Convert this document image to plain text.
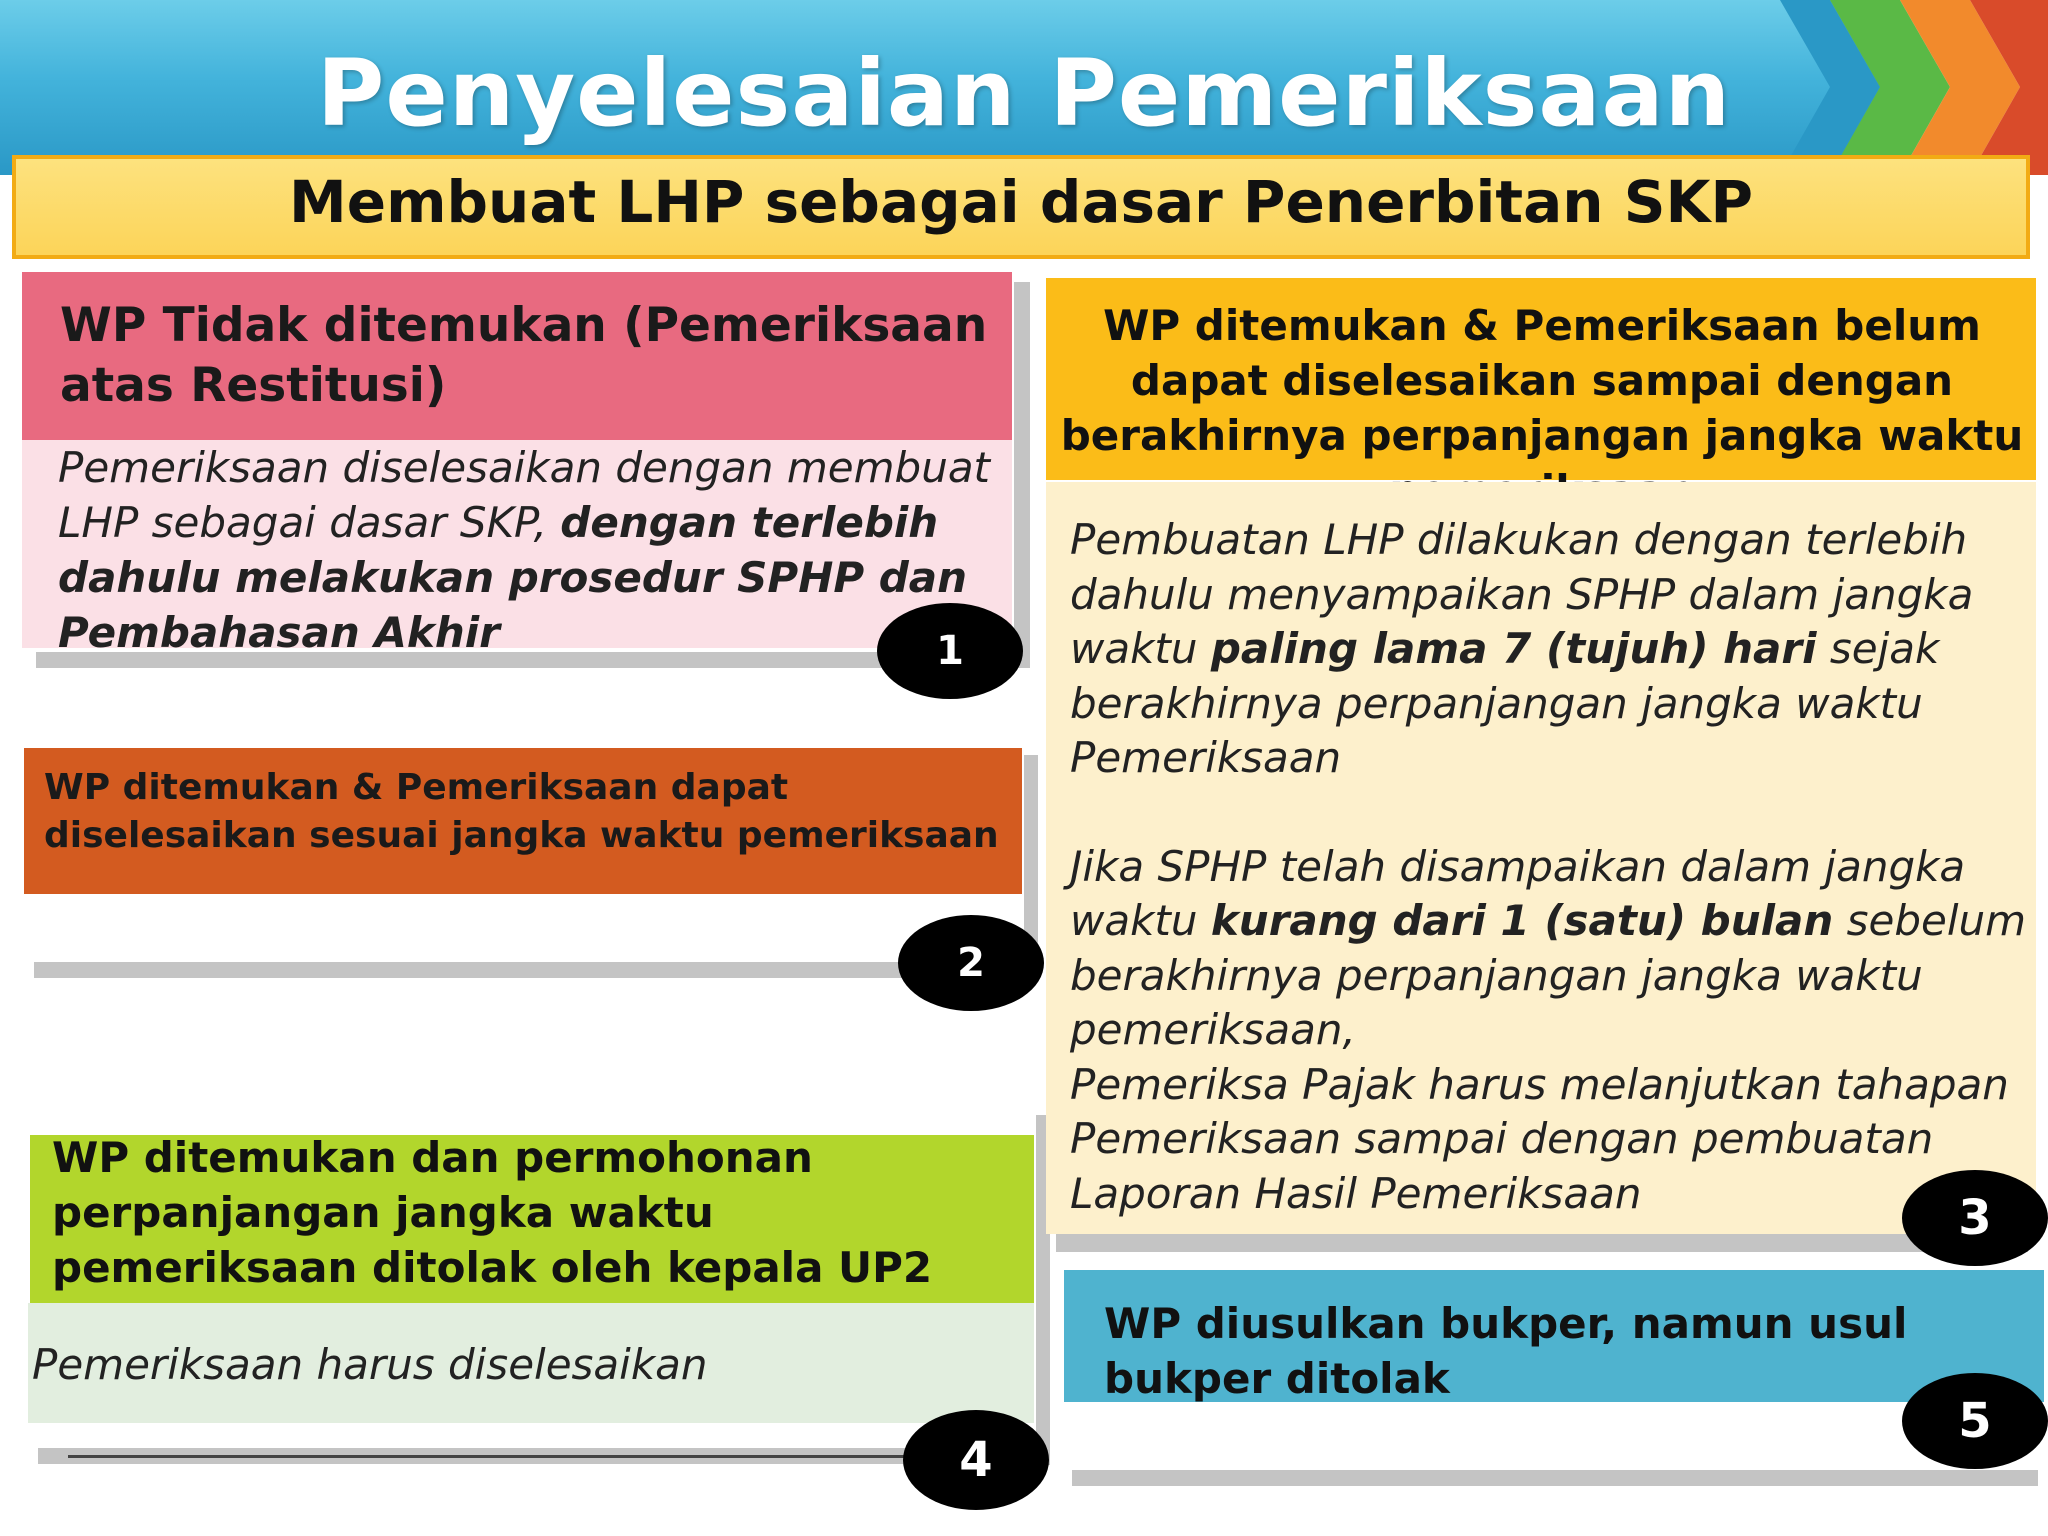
Penyelesaian Pemeriksaan
Membuat LHP sebagai dasar Penerbitan SKP
WP Tidak ditemukan (Pemeriksaan atas Restitusi)
Pemeriksaan diselesaikan dengan membuat LHP sebagai dasar SKP, dengan terlebih dahulu melakukan prosedur SPHP dan Pembahasan Akhir	1
WP ditemukan & Pemeriksaan dapat diselesaikan sesuai jangka waktu pemeriksaan
2
WP ditemukan dan permohonan perpanjangan jangka waktu pemeriksaan ditolak oleh kepala UP2
Pemeriksaan harus diselesaikan
4
WP ditemukan & Pemeriksaan belum dapat diselesaikan sampai dengan berakhirnya perpanjangan jangka waktu

Pembuatan LHP dilakukan dengan terlebih dahulu menyampaikan SPHP dalam jangka waktu paling lama 7 (tujuh) hari sejak berakhirnya perpanjangan jangka waktu Pemeriksaan

Jika SPHP telah disampaikan dalam jangka waktu kurang dari 1 (satu) bulan sebelum berakhirnya perpanjangan jangka waktu pemeriksaan,

Pemeriksa Pajak harus melanjutkan tahapan Pemeriksaan sampai dengan pembuatan Laporan Hasil Pemeriksaan	3
WP diusulkan bukper, namun usul bukper ditolak
5
